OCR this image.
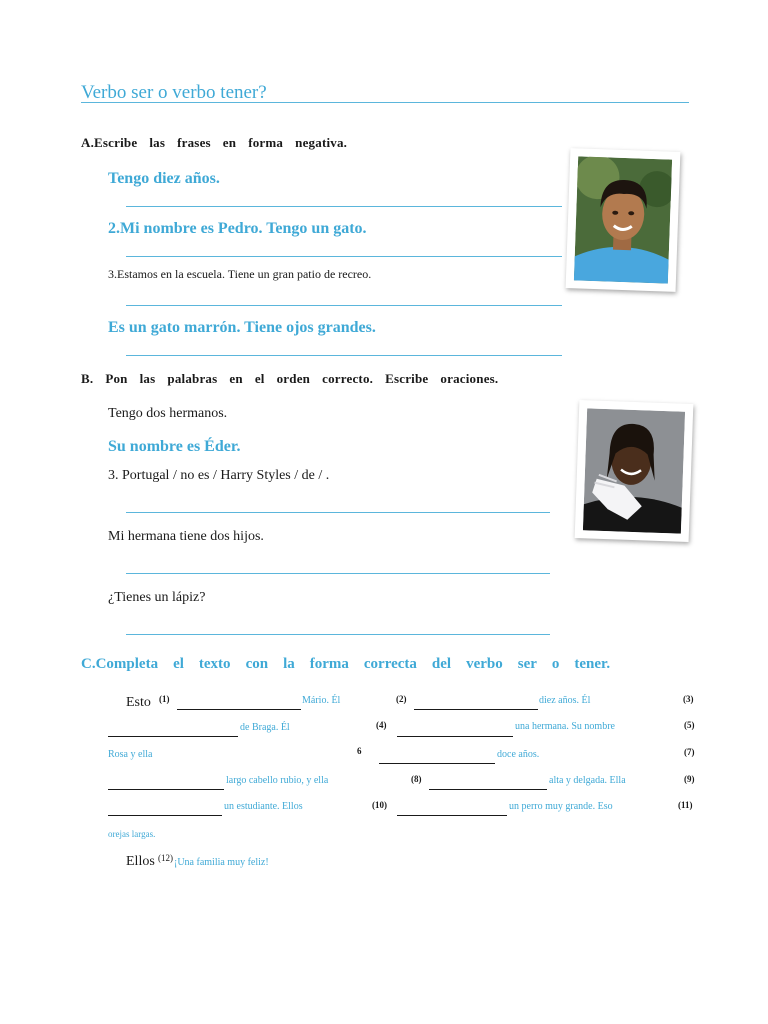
Verbo ser o verbo tener?
A.Escribe las frases en forma negativa.
Tengo diez años.
2.Mi nombre es Pedro. Tengo un gato.
3.Estamos en la escuela. Tiene un gran patio de recreo.
Es un gato marrón. Tiene ojos grandes.
B. Pon las palabras en el orden correcto. Escribe oraciones.
Tengo dos hermanos.
Su nombre es Éder.
3. Portugal / no es / Harry Styles / de / .
Mi hermana tiene dos hijos.
¿Tienes un lápiz?
C.Completa el texto con la forma correcta del verbo ser o tener.
Esto (1)	Mário. Él	(2)	diez años. Él	(3)
de Braga. Él	(4)	una hermana. Su nombre	(5)
Rosa y ella	6	doce años.	(7)
largo cabello rubio, y ella	(8)	alta y delgada. Ella	(9)
un estudiante. Ellos	(10)	un perro muy grande. Eso	(11)
orejas largas.
Ellos (12) ¡Una familia muy feliz!
